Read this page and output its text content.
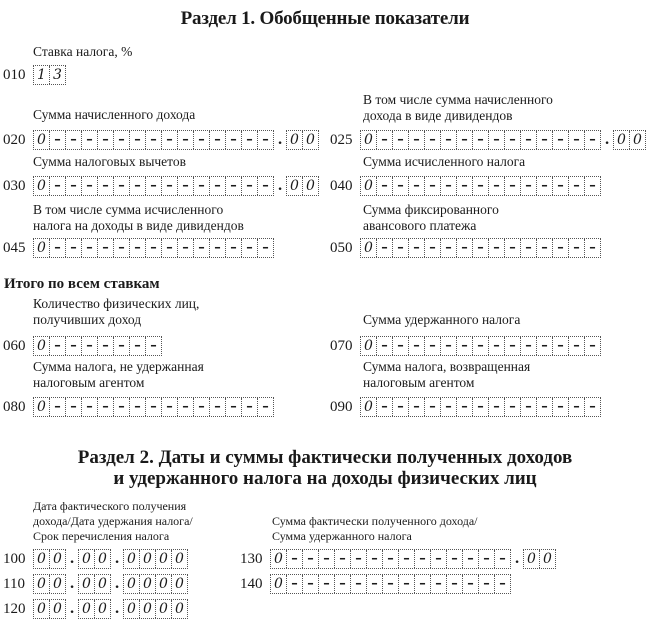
Раздел 1. Обобщенные показатели
Ставка налога, %
010 1 3
Сумма начисленного дохода
020 0 – – – – – – – – – – – – – – . 0 0
В том числе сумма начисленного
дохода в виде дивидендов
025 0 – – – – – – – – – – – – – – . 0 0
Сумма налоговых вычетов
030 0 – – – – – – – – – – – – – – . 0 0
Сумма исчисленного налога
040 0 – – – – – – – – – – – – – –
В том числе сумма исчисленного
налога на доходы в виде дивидендов
045 0 – – – – – – – – – – – – – –
Сумма фиксированного
авансового платежа
050 0 – – – – – – – – – – – – – –
Итого по всем ставкам
Количество физических лиц,
получивших доход
060 0 – – – – – – –
Сумма удержанного налога
070 0 – – – – – – – – – – – – – –
Сумма налога, не удержанная
налоговым агентом
080 0 – – – – – – – – – – – – – –
Сумма налога, возвращенная
налоговым агентом
090 0 – – – – – – – – – – – – – –
Раздел 2. Даты и суммы фактически полученных доходов
и удержанного налога на доходы физических лиц
Дата фактического получения
дохода/Дата удержания налога/
Срок перечисления налога
Сумма фактически полученного дохода/
Сумма удержанного налога
100 0 0 . 0 0 . 0 0 0 0
110 0 0 . 0 0 . 0 0 0 0
120 0 0 . 0 0 . 0 0 0 0
130 0 – – – – – – – – – – – – – – . 0 0
140 0 – – – – – – – – – – – – – –
